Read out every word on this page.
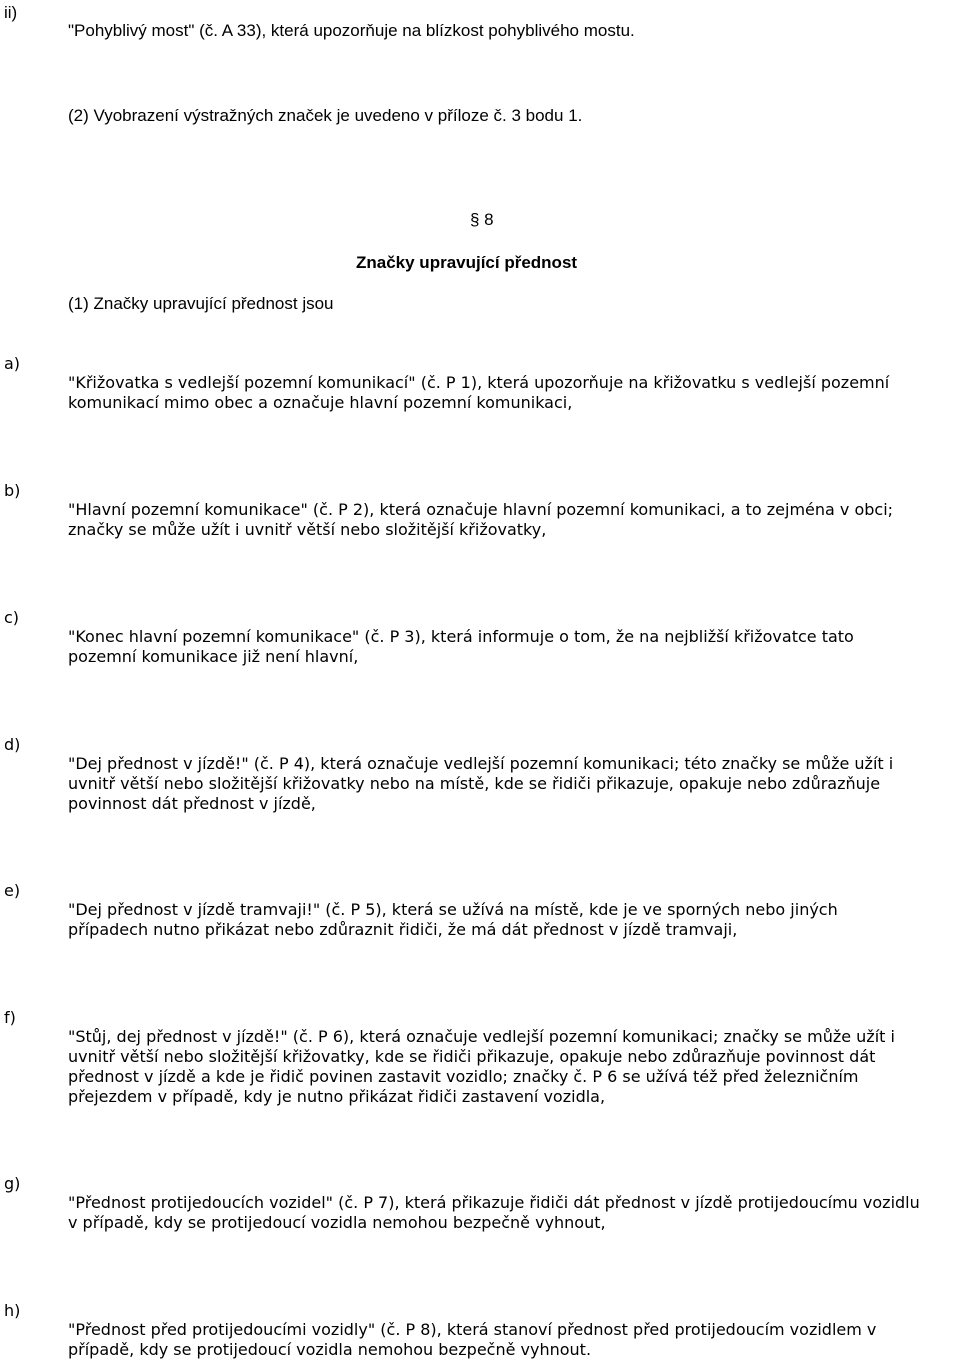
ii)
"Pohyblivý most" (č. A 33), která upozorňuje na blízkost pohyblivého mostu.
(2) Vyobrazení výstražných značek je uvedeno v příloze č. 3 bodu 1.
§ 8
Značky upravující přednost
(1) Značky upravující přednost jsou
a)
"Křižovatka s vedlejší pozemní komunikací" (č. P 1), která upozorňuje na křižovatku s vedlejší pozemní
komunikací mimo obec a označuje hlavní pozemní komunikaci,
b)
"Hlavní pozemní komunikace" (č. P 2), která označuje hlavní pozemní komunikaci, a to zejména v obci;
značky se může užít i uvnitř větší nebo složitější křižovatky,
c)
"Konec hlavní pozemní komunikace" (č. P 3), která informuje o tom, že na nejbližší křižovatce tato
pozemní komunikace již není hlavní,
d)
"Dej přednost v jízdě!" (č. P 4), která označuje vedlejší pozemní komunikaci; této značky se může užít i
uvnitř větší nebo složitější křižovatky nebo na místě, kde se řidiči přikazuje, opakuje nebo zdůrazňuje
povinnost dát přednost v jízdě,
e)
"Dej přednost v jízdě tramvaji!" (č. P 5), která se užívá na místě, kde je ve sporných nebo jiných
případech nutno přikázat nebo zdůraznit řidiči, že má dát přednost v jízdě tramvaji,
f)
"Stůj, dej přednost v jízdě!" (č. P 6), která označuje vedlejší pozemní komunikaci; značky se může užít i
uvnitř větší nebo složitější křižovatky, kde se řidiči přikazuje, opakuje nebo zdůrazňuje povinnost dát
přednost v jízdě a kde je řidič povinen zastavit vozidlo; značky č. P 6 se užívá též před železničním
přejezdem v případě, kdy je nutno přikázat řidiči zastavení vozidla,
g)
"Přednost protijedoucích vozidel" (č. P 7), která přikazuje řidiči dát přednost v jízdě protijedoucímu vozidlu
v případě, kdy se protijedoucí vozidla nemohou bezpečně vyhnout,
h)
"Přednost před protijedoucími vozidly" (č. P 8), která stanoví přednost před protijedoucím vozidlem v
případě, kdy se protijedoucí vozidla nemohou bezpečně vyhnout.
